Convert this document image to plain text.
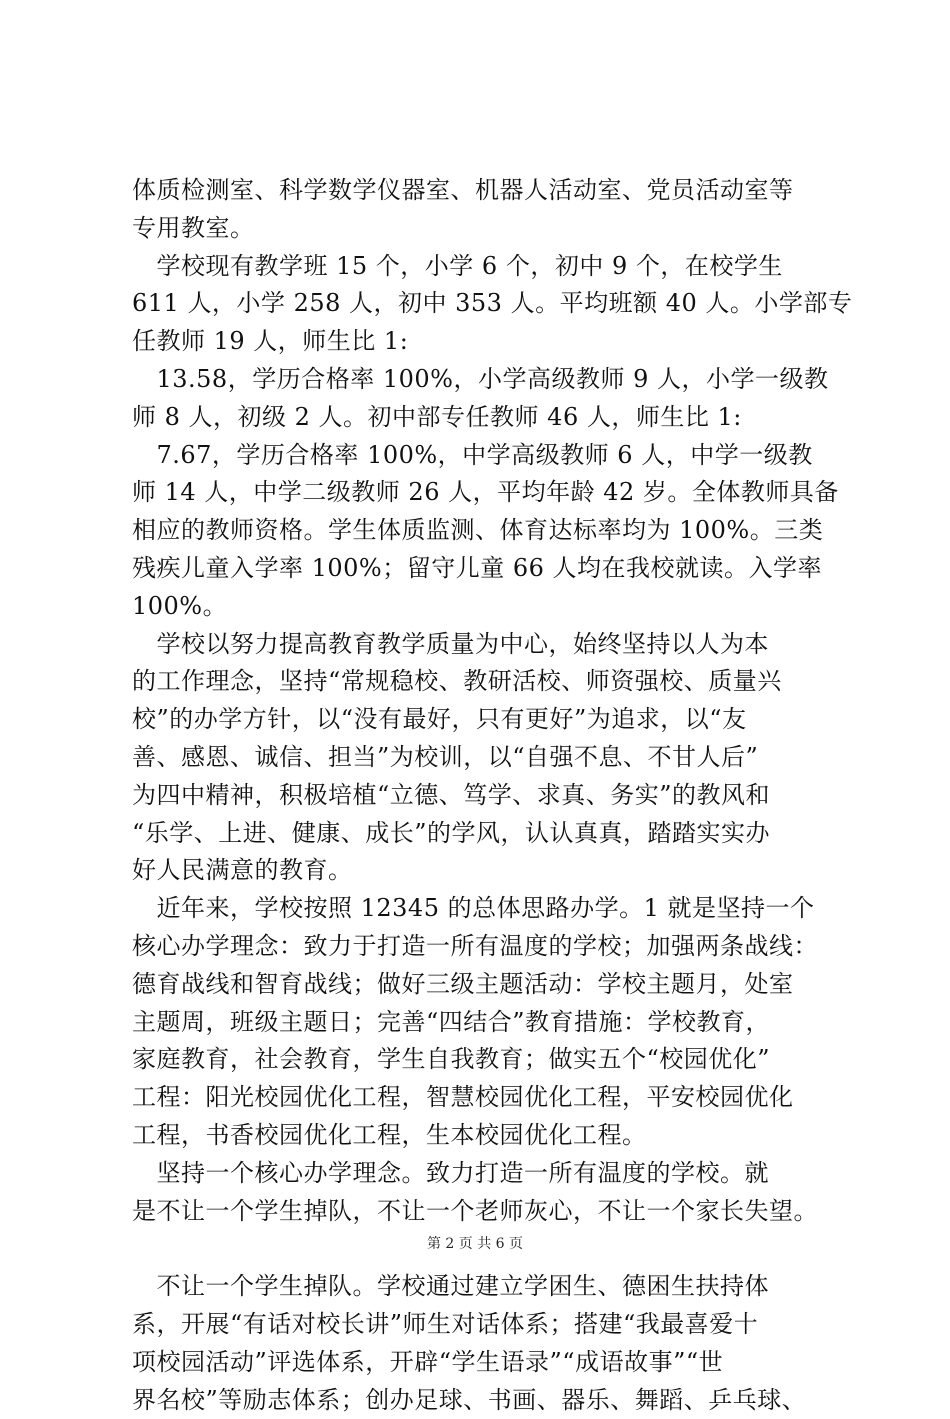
体质检测室、科学数学仪器室、机器人活动室、党员活动室等
专用教室。
　学校现有教学班 15 个，小学 6 个，初中 9 个，在校学生
611 人，小学 258 人，初中 353 人。平均班额 40 人。小学部专
任教师 19 人，师生比 1:
　13.58，学历合格率 100%，小学高级教师 9 人，小学一级教
师 8 人，初级 2 人。初中部专任教师 46 人，师生比 1:
　7.67，学历合格率 100%，中学高级教师 6 人，中学一级教
师 14 人，中学二级教师 26 人，平均年龄 42 岁。全体教师具备
相应的教师资格。学生体质监测、体育达标率均为 100%。三类
残疾儿童入学率 100%；留守儿童 66 人均在我校就读。入学率
100%。
　学校以努力提高教育教学质量为中心，始终坚持以人为本
的工作理念，坚持“常规稳校、教研活校、师资强校、质量兴
校”的办学方针，以“没有最好，只有更好”为追求，以“友
善、感恩、诚信、担当”为校训，以“自强不息、不甘人后”
为四中精神，积极培植“立德、笃学、求真、务实”的教风和
“乐学、上进、健康、成长”的学风，认认真真，踏踏实实办
好人民满意的教育。
　近年来，学校按照 12345 的总体思路办学。1 就是坚持一个
核心办学理念：致力于打造一所有温度的学校；加强两条战线：
德育战线和智育战线；做好三级主题活动：学校主题月，处室
主题周，班级主题日；完善“四结合”教育措施：学校教育，
家庭教育，社会教育，学生自我教育；做实五个“校园优化”
工程：阳光校园优化工程，智慧校园优化工程，平安校园优化
工程，书香校园优化工程，生本校园优化工程。
　坚持一个核心办学理念。致力打造一所有温度的学校。就
是不让一个学生掉队，不让一个老师灰心，不让一个家长失望。
　不让一个学生掉队。学校通过建立学困生、德困生扶持体
系，开展“有话对校长讲”师生对话体系；搭建“我最喜爱十
项校园活动”评选体系，开辟“学生语录”“成语故事”“世
界名校”等励志体系；创办足球、书画、器乐、舞蹈、乒乓球、
第 2 页 共 6 页
